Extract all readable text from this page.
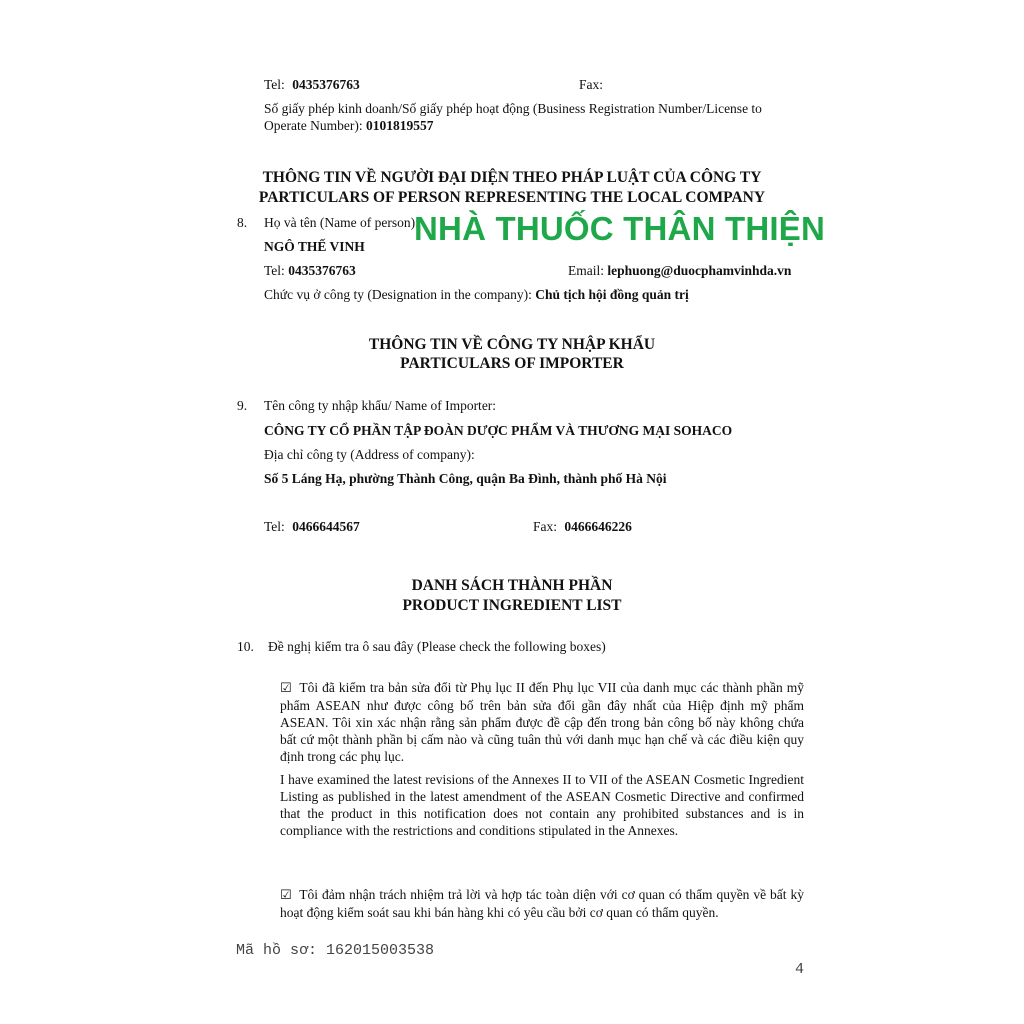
Tel: 0435376763	Fax:
Số giấy phép kinh doanh/Số giấy phép hoạt động (Business Registration Number/License to
Operate Number): 0101819557
THÔNG TIN VỀ NGƯỜI ĐẠI DIỆN THEO PHÁP LUẬT CỦA CÔNG TY
PARTICULARS OF PERSON REPRESENTING THE LOCAL COMPANY
8. Họ và tên (Name of person):
NGÔ THẾ VINH
Tel: 0435376763	Email: lephuong@duocphamvinhda.vn
Chức vụ ở công ty (Designation in the company): Chủ tịch hội đồng quản trị
NHÀ THUỐC THÂN THIỆN
THÔNG TIN VỀ CÔNG TY NHẬP KHẨU
PARTICULARS OF IMPORTER
9. Tên công ty nhập khẩu/ Name of Importer:
CÔNG TY CỔ PHẦN TẬP ĐOÀN DƯỢC PHẨM VÀ THƯƠNG MẠI SOHACO
Địa chỉ công ty (Address of company):
Số 5 Láng Hạ, phường Thành Công, quận Ba Đình, thành phố Hà Nội
Tel: 0466644567	Fax: 0466646226
DANH SÁCH THÀNH PHẦN
PRODUCT INGREDIENT LIST
10. Đề nghị kiểm tra ô sau đây (Please check the following boxes)
☑ Tôi đã kiểm tra bản sửa đổi từ Phụ lục II đến Phụ lục VII của danh mục các thành phần mỹ phẩm ASEAN như được công bố trên bản sửa đổi gần đây nhất của Hiệp định mỹ phẩm ASEAN. Tôi xin xác nhận rằng sản phẩm được đề cập đến trong bản công bố này không chứa bất cứ một thành phần bị cấm nào và cũng tuân thủ với danh mục hạn chế và các điều kiện quy định trong các phụ lục.
I have examined the latest revisions of the Annexes II to VII of the ASEAN Cosmetic Ingredient Listing as published in the latest amendment of the ASEAN Cosmetic Directive and confirmed that the product in this notification does not contain any prohibited substances and is in compliance with the restrictions and conditions stipulated in the Annexes.
☑ Tôi đảm nhận trách nhiệm trả lời và hợp tác toàn diện với cơ quan có thẩm quyền về bất kỳ hoạt động kiểm soát sau khi bán hàng khi có yêu cầu bởi cơ quan có thẩm quyền.
Mã hồ sơ: 162015003538
4
